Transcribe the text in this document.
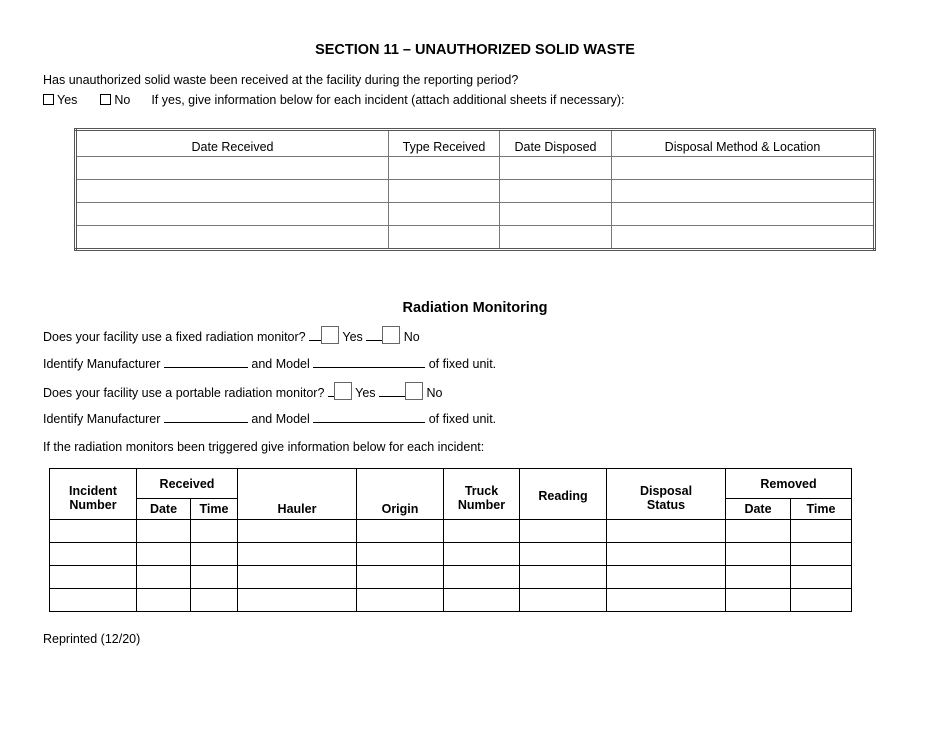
SECTION 11 – UNAUTHORIZED SOLID WASTE
Has unauthorized solid waste been received at the facility during the reporting period?
Yes	No If yes, give information below for each incident (attach additional sheets if necessary):
Date Received	Type Received	Date Disposed	Disposal Method & Location

Radiation Monitoring
Does your facility use a fixed radiation monitor?	Yes	No
Identify Manufacturer	and Model	of fixed unit.
Does your facility use a portable radiation monitor? Yes	No
Identify Manufacturer	and Model	of fixed unit.
If the radiation monitors been triggered give information below for each incident:
Incident Number	Received		Hauler	Origin	Truck Number	Reading	Disposal Status	Removed	
	Date	Time						Date	Time

Reprinted (12/20)
